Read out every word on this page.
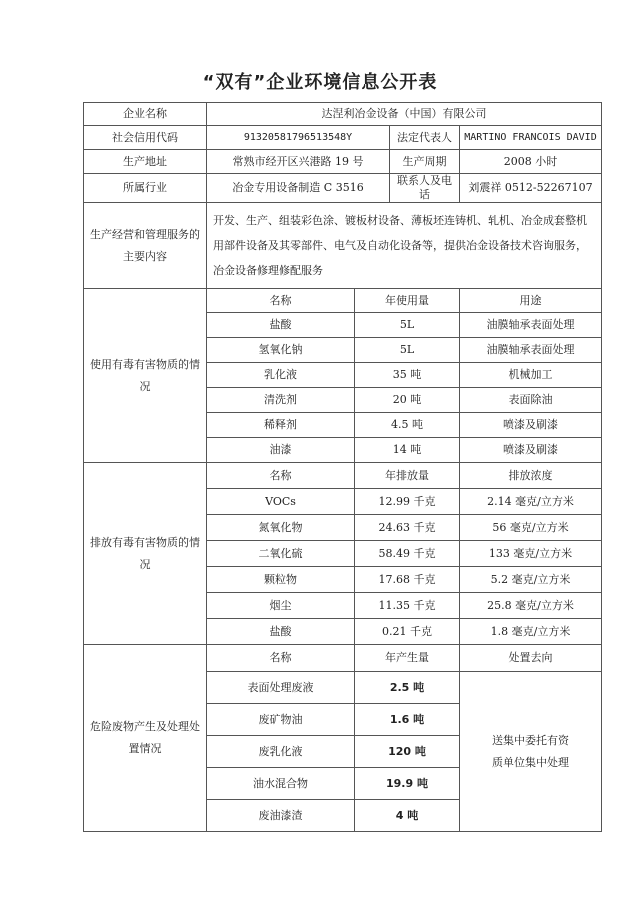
“双有”企业环境信息公开表
企业名称	达涅利冶金设备（中国）有限公司			
社会信用代码	91320581796513548Y		法定代表人	MARTINO FRANCOIS DAVID
生产地址	常熟市经开区兴港路 19 号		生产周期	2008 小时
所属行业	冶金专用设备制造 C 3516		联系人及电话	刘震祥 0512-52267107
生产经营和管理服务的主要内容	开发、生产、组装彩色涂、镀板材设备、薄板坯连铸机、轧机、冶金成套整机用部件设备及其零部件、电气及自动化设备等，提供冶金设备技术咨询服务，冶金设备修理修配服务			
使用有毒有害物质的情况	名称	年使用量		用途
	盐酸	5L		油膜轴承表面处理
	氢氧化钠	5L		油膜轴承表面处理
	乳化液	35 吨		机械加工
	清洗剂	20 吨		表面除油
	稀释剂	4.5 吨		喷漆及刷漆
	油漆	14 吨		喷漆及刷漆
排放有毒有害物质的情况	名称	年排放量		排放浓度
	VOCs	12.99 千克		2.14 毫克/立方米
	氮氧化物	24.63 千克		56 毫克/立方米
	二氧化硫	58.49 千克		133 毫克/立方米
	颗粒物	17.68 千克		5.2 毫克/立方米
	烟尘	11.35 千克		25.8 毫克/立方米
	盐酸	0.21 千克		1.8 毫克/立方米
危险废物产生及处理处置情况	名称	年产生量		处置去向
	表面处理废液	2.5 吨		送集中委托有资质单位集中处理
	废矿物油	1.6 吨		
	废乳化液	120 吨		
	油水混合物	19.9 吨		
	废油漆渣	4 吨		
